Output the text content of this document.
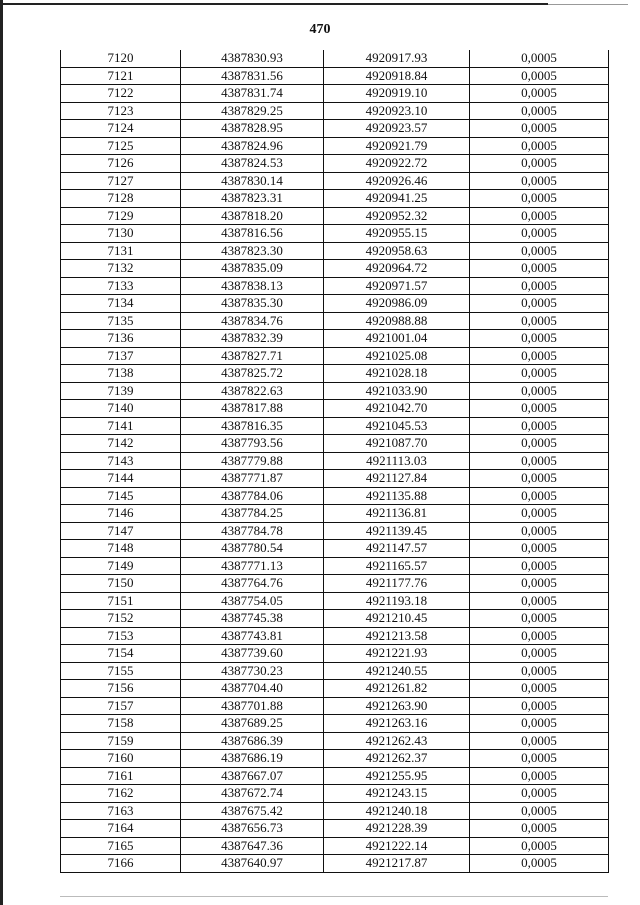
470
7120	4387830.93	4920917.93	0,0005
7121	4387831.56	4920918.84	0,0005
7122	4387831.74	4920919.10	0,0005
7123	4387829.25	4920923.10	0,0005
7124	4387828.95	4920923.57	0,0005
7125	4387824.96	4920921.79	0,0005
7126	4387824.53	4920922.72	0,0005
7127	4387830.14	4920926.46	0,0005
7128	4387823.31	4920941.25	0,0005
7129	4387818.20	4920952.32	0,0005
7130	4387816.56	4920955.15	0,0005
7131	4387823.30	4920958.63	0,0005
7132	4387835.09	4920964.72	0,0005
7133	4387838.13	4920971.57	0,0005
7134	4387835.30	4920986.09	0,0005
7135	4387834.76	4920988.88	0,0005
7136	4387832.39	4921001.04	0,0005
7137	4387827.71	4921025.08	0,0005
7138	4387825.72	4921028.18	0,0005
7139	4387822.63	4921033.90	0,0005
7140	4387817.88	4921042.70	0,0005
7141	4387816.35	4921045.53	0,0005
7142	4387793.56	4921087.70	0,0005
7143	4387779.88	4921113.03	0,0005
7144	4387771.87	4921127.84	0,0005
7145	4387784.06	4921135.88	0,0005
7146	4387784.25	4921136.81	0,0005
7147	4387784.78	4921139.45	0,0005
7148	4387780.54	4921147.57	0,0005
7149	4387771.13	4921165.57	0,0005
7150	4387764.76	4921177.76	0,0005
7151	4387754.05	4921193.18	0,0005
7152	4387745.38	4921210.45	0,0005
7153	4387743.81	4921213.58	0,0005
7154	4387739.60	4921221.93	0,0005
7155	4387730.23	4921240.55	0,0005
7156	4387704.40	4921261.82	0,0005
7157	4387701.88	4921263.90	0,0005
7158	4387689.25	4921263.16	0,0005
7159	4387686.39	4921262.43	0,0005
7160	4387686.19	4921262.37	0,0005
7161	4387667.07	4921255.95	0,0005
7162	4387672.74	4921243.15	0,0005
7163	4387675.42	4921240.18	0,0005
7164	4387656.73	4921228.39	0,0005
7165	4387647.36	4921222.14	0,0005
7166	4387640.97	4921217.87	0,0005
